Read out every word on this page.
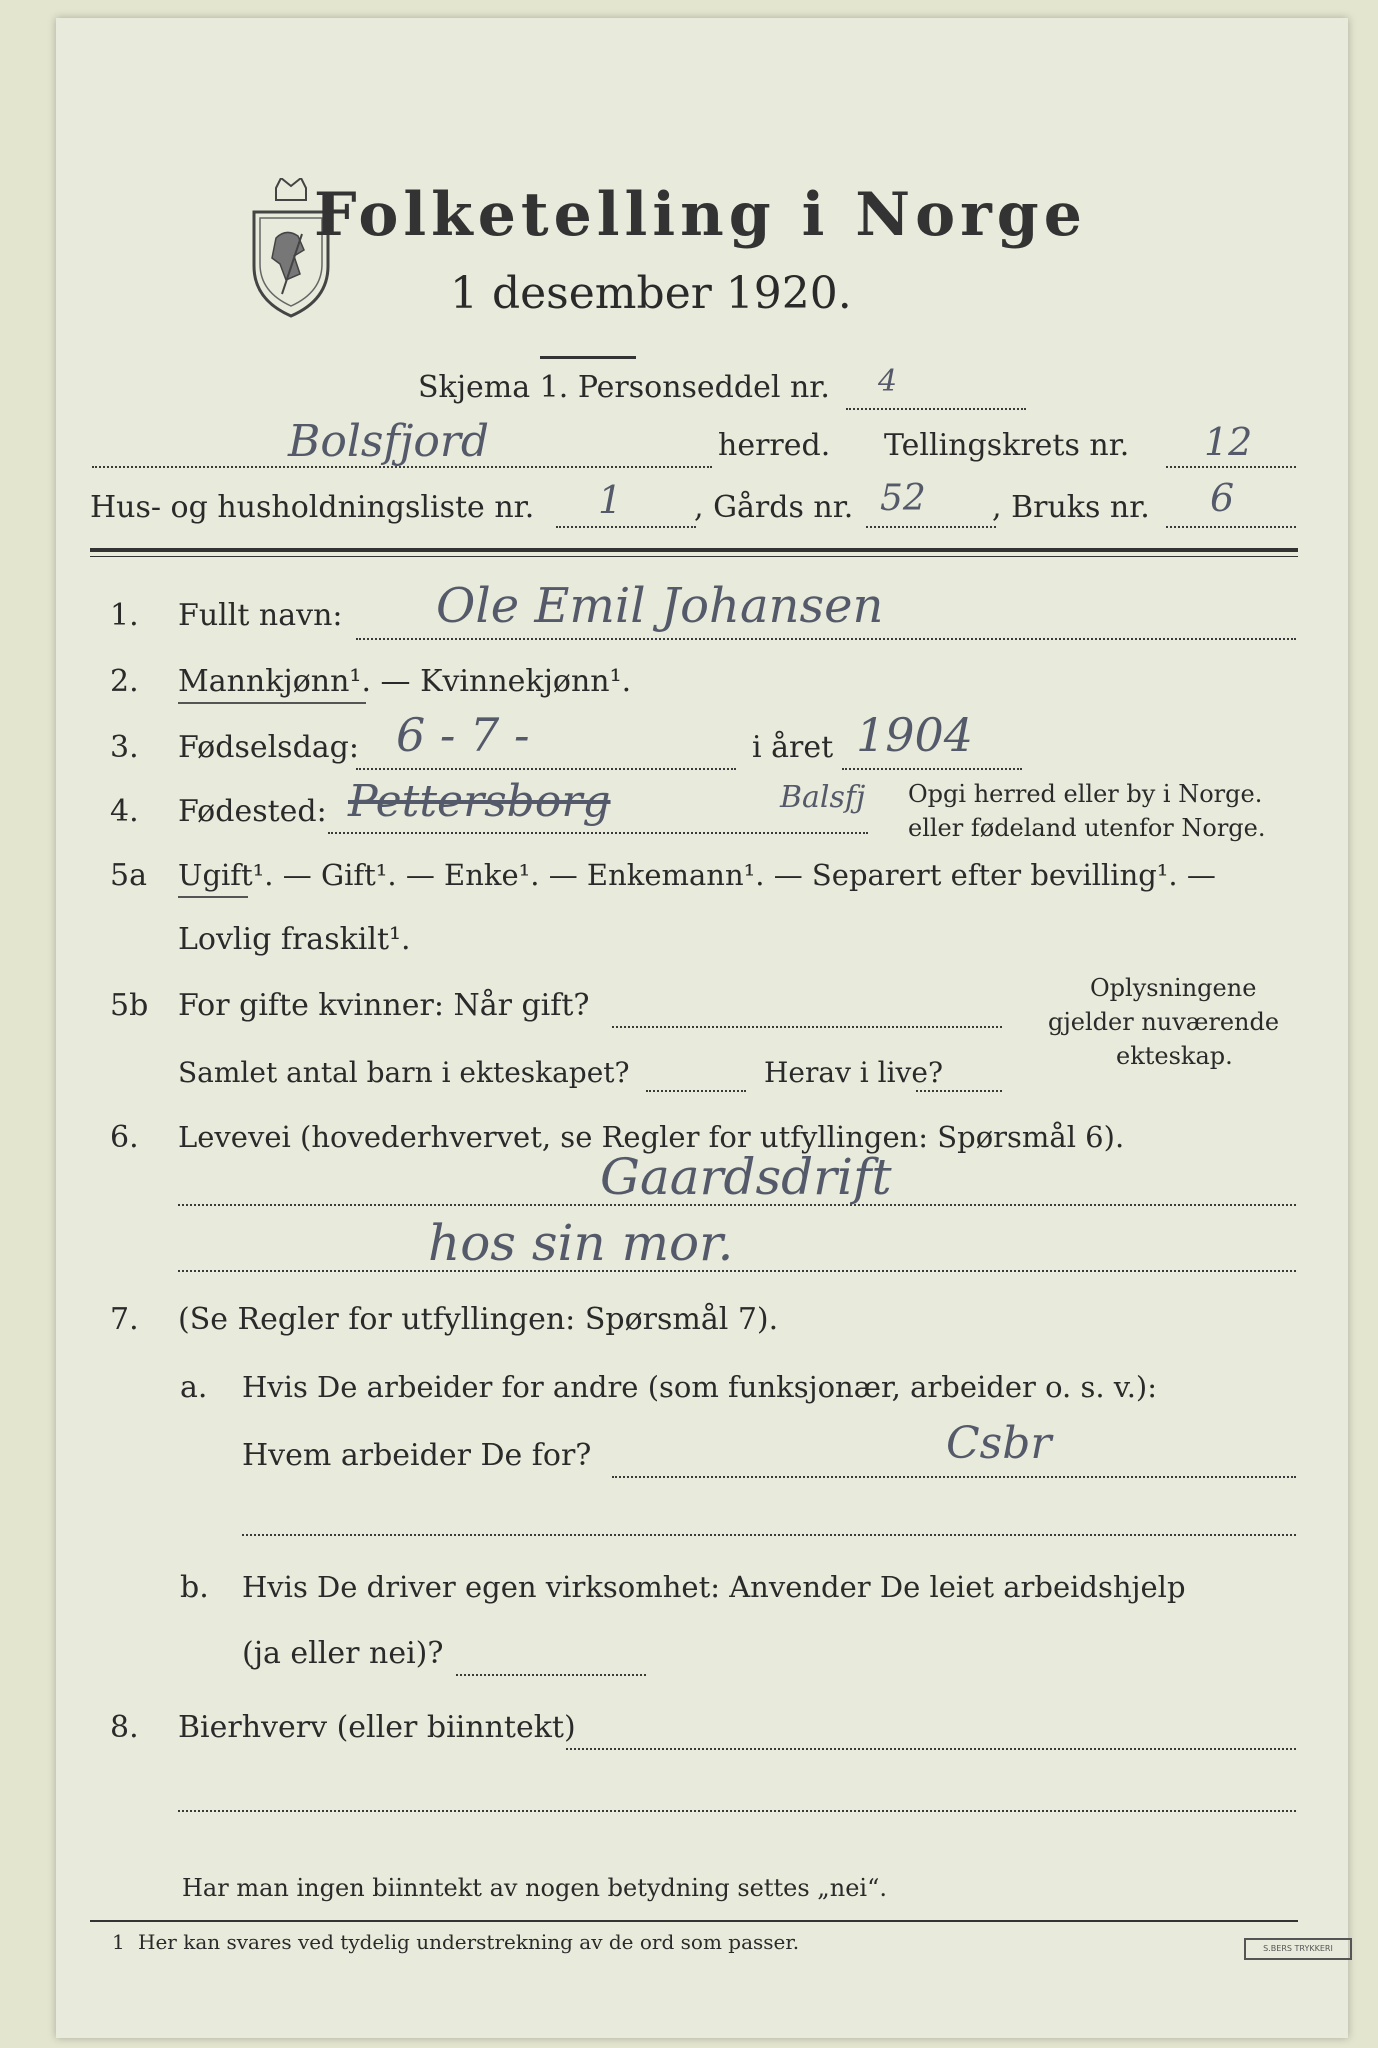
Folketelling i Norge
1 desember 1920.
Skjema 1. Personseddel nr. 4
Bolsfjord	herred. Tellingskrets nr. 12
Hus- og husholdningsliste nr. 1 , Gårds nr. 52 , Bruks nr. 6
1. Fullt navn: Ole Emil Johansen
2. Mannkjønn¹. — Kvinnekjønn¹.
3. Fødselsdag: 6 - 7 -	i året 1904
4. Fødested: Pettersborg	Balsfj Opgi herred eller by i Norge.
eller fødeland utenfor Norge.
5a Ugift¹. — Gift¹. — Enke¹. — Enkemann¹. — Separert efter bevilling¹. —
Lovlig fraskilt¹.
5b For gifte kvinner: Når gift?
Samlet antal barn i ekteskapet?	Herav i live?
Oplysningene
gjelder nuværende
ekteskap.
6. Levevei (hovederhvervet, se Regler for utfyllingen: Spørsmål 6).
Gaardsdrift
hos sin mor.
7. (Se Regler for utfyllingen: Spørsmål 7).
a. Hvis De arbeider for andre (som funksjonær, arbeider o. s. v.):
Hvem arbeider De for?	Csbr
b. Hvis De driver egen virksomhet: Anvender De leiet arbeidshjelp
(ja eller nei)?
8. Bierhverv (eller biinntekt)
Har man ingen biinntekt av nogen betydning settes „nei“.
1 Her kan svares ved tydelig understrekning av de ord som passer.	S.BERS TRYKKERI
